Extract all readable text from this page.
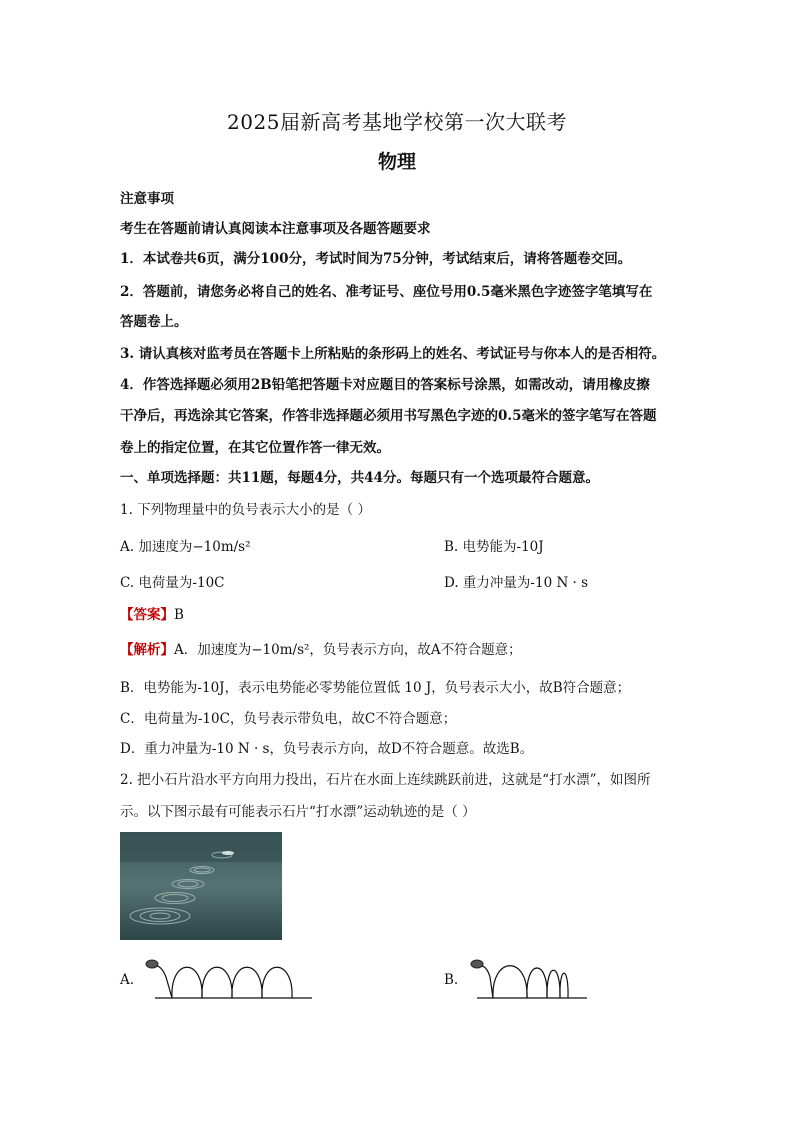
2025届新高考基地学校第一次大联考
物理
注意事项
考生在答题前请认真阅读本注意事项及各题答题要求
1．本试卷共6页，满分100分，考试时间为75分钟，考试结束后，请将答题卷交回。
2．答题前，请您务必将自己的姓名、准考证号、座位号用0.5毫米黑色字迹签字笔填写在
答题卷上。
3. 请认真核对监考员在答题卡上所粘贴的条形码上的姓名、考试证号与你本人的是否相符。
4．作答选择题必须用2B铅笔把答题卡对应题目的答案标号涂黑，如需改动，请用橡皮擦
干净后，再选涂其它答案，作答非选择题必须用书写黑色字迹的0.5毫米的签字笔写在答题
卷上的指定位置，在其它位置作答一律无效。
一、单项选择题：共11题，每题4分，共44分。每题只有一个选项最符合题意。
1. 下列物理量中的负号表示大小的是（ ）
A. 加速度为−10m/s²	B. 电势能为-10J
C. 电荷量为-10C	D. 重力冲量为-10 N · s
【答案】B
【解析】A．加速度为−10m/s²，负号表示方向，故A不符合题意；
B．电势能为-10J，表示电势能必零势能位置低 10 J，负号表示大小，故B符合题意；
C．电荷量为-10C，负号表示带负电，故C不符合题意；
D．重力冲量为-10 N · s，负号表示方向，故D不符合题意。故选B。
2. 把小石片沿水平方向用力投出，石片在水面上连续跳跃前进，这就是“打水漂”，如图所
示。以下图示最有可能表示石片“打水漂”运动轨迹的是（ ）
A.	B.
